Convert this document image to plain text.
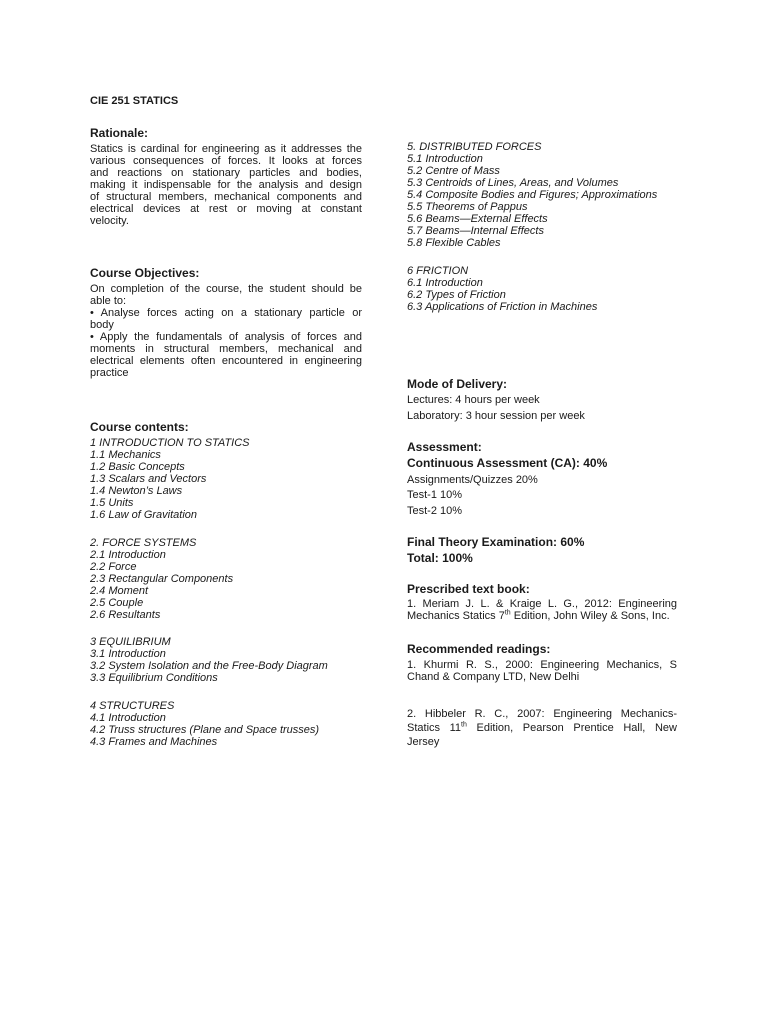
CIE 251 STATICS
Rationale:
Statics is cardinal for engineering as it addresses the
various consequences of forces. It looks at forces
and reactions on stationary particles and bodies,
making it indispensable for the analysis and design
of structural members, mechanical components and
electrical devices at rest or moving at constant
velocity.
Course Objectives:
On completion of the course, the student should be
able to:
• Analyse forces acting on a stationary particle or
body
• Apply the fundamentals of analysis of forces and
moments in structural members, mechanical and
electrical elements often encountered in engineering
practice
Course contents:
1 INTRODUCTION TO STATICS
1.1 Mechanics
1.2 Basic Concepts
1.3 Scalars and Vectors
1.4 Newton’s Laws
1.5 Units
1.6 Law of Gravitation
2. FORCE SYSTEMS
2.1 Introduction
2.2 Force
2.3 Rectangular Components
2.4 Moment
2.5 Couple
2.6 Resultants
3 EQUILIBRIUM
3.1 Introduction
3.2 System Isolation and the Free-Body Diagram
3.3 Equilibrium Conditions
4 STRUCTURES
4.1 Introduction
4.2 Truss structures (Plane and Space trusses)
4.3 Frames and Machines
5. DISTRIBUTED FORCES
5.1 Introduction
5.2 Centre of Mass
5.3 Centroids of Lines, Areas, and Volumes
5.4 Composite Bodies and Figures; Approximations
5.5 Theorems of Pappus
5.6 Beams—External Effects
5.7 Beams—Internal Effects
5.8 Flexible Cables
6 FRICTION
6.1 Introduction
6.2 Types of Friction
6.3 Applications of Friction in Machines
Mode of Delivery:
Lectures: 4 hours per week
Laboratory: 3 hour session per week
Assessment:
Continuous Assessment (CA): 40%
Assignments/Quizzes 20%
Test-1 10%
Test-2 10%
Final Theory Examination: 60%
Total: 100%
Prescribed text book:
1. Meriam J. L. & Kraige L. G., 2012: Engineering
Mechanics Statics 7th Edition, John Wiley & Sons, Inc.
Recommended readings:
1. Khurmi R. S., 2000: Engineering Mechanics, S
Chand & Company LTD, New Delhi
2. Hibbeler R. C., 2007: Engineering Mechanics-
Statics 11th Edition, Pearson Prentice Hall, New
Jersey
